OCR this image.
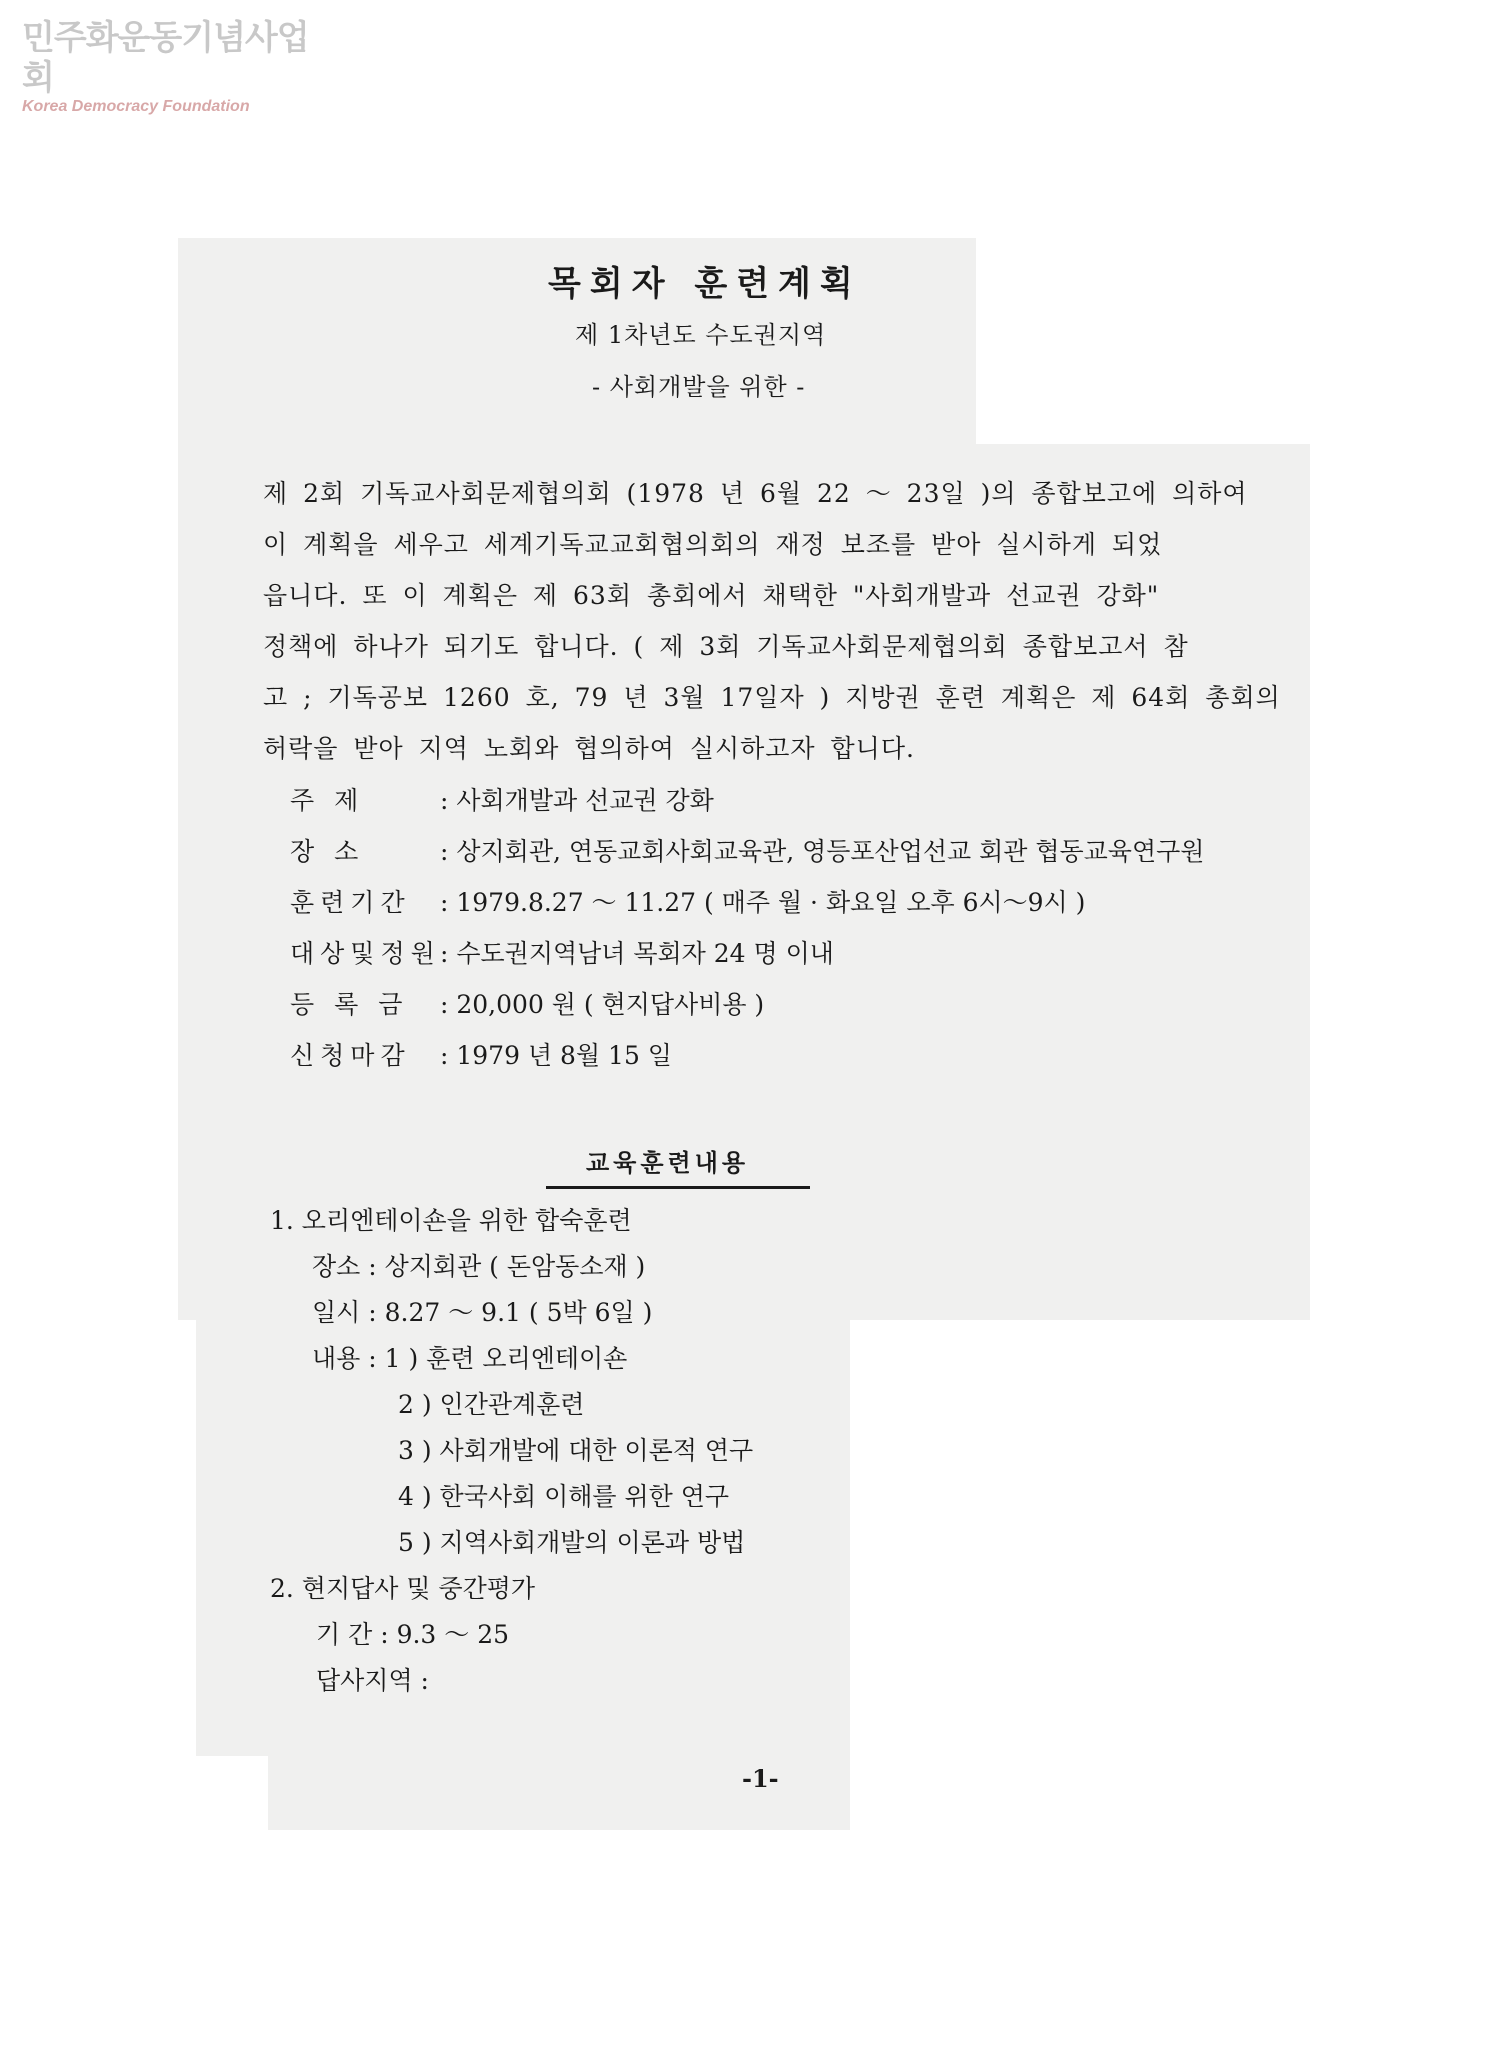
민주화운동기념사업회
Korea Democracy Foundation
목회자 훈련계획
제 1차년도 수도권지역
- 사회개발을 위한 -
제 2회 기독교사회문제협의회 (1978 년 6월 22 ～ 23일 )의 종합보고에 의하여
이 계획을 세우고 세계기독교교회협의회의 재정 보조를 받아 실시하게 되었
읍니다. 또 이 계획은 제 63회 총회에서 채택한 "사회개발과 선교권 강화"
정책에 하나가 되기도 합니다. ( 제 3회 기독교사회문제협의회 종합보고서 참
고 ; 기독공보 1260 호, 79 년 3월 17일자 ) 지방권 훈련 계획은 제 64회 총회의
허락을 받아 지역 노회와 협의하여 실시하고자 합니다.
주 제	: 사회개발과 선교권 강화
장 소	: 상지회관, 연동교회사회교육관, 영등포산업선교 회관 협동교육연구원
훈련기간 : 1979.8.27 ～ 11.27 ( 매주 월 · 화요일 오후 6시～9시 )
대상및정원: 수도권지역남녀 목회자 24 명 이내
등 록 금 : 20,000 원 ( 현지답사비용 )
신청마감 : 1979 년 8월 15 일
교육훈련내용
1. 오리엔테이숀을 위한 합숙훈련
장소 : 상지회관 ( 돈암동소재 )
일시 : 8.27 ～ 9.1 ( 5박 6일 )
내용 : 1 ) 훈련 오리엔테이숀
2 ) 인간관계훈련
3 ) 사회개발에 대한 이론적 연구
4 ) 한국사회 이해를 위한 연구
5 ) 지역사회개발의 이론과 방법
2. 현지답사 및 중간평가
기 간 : 9.3 ～ 25
답사지역 :
-1-
